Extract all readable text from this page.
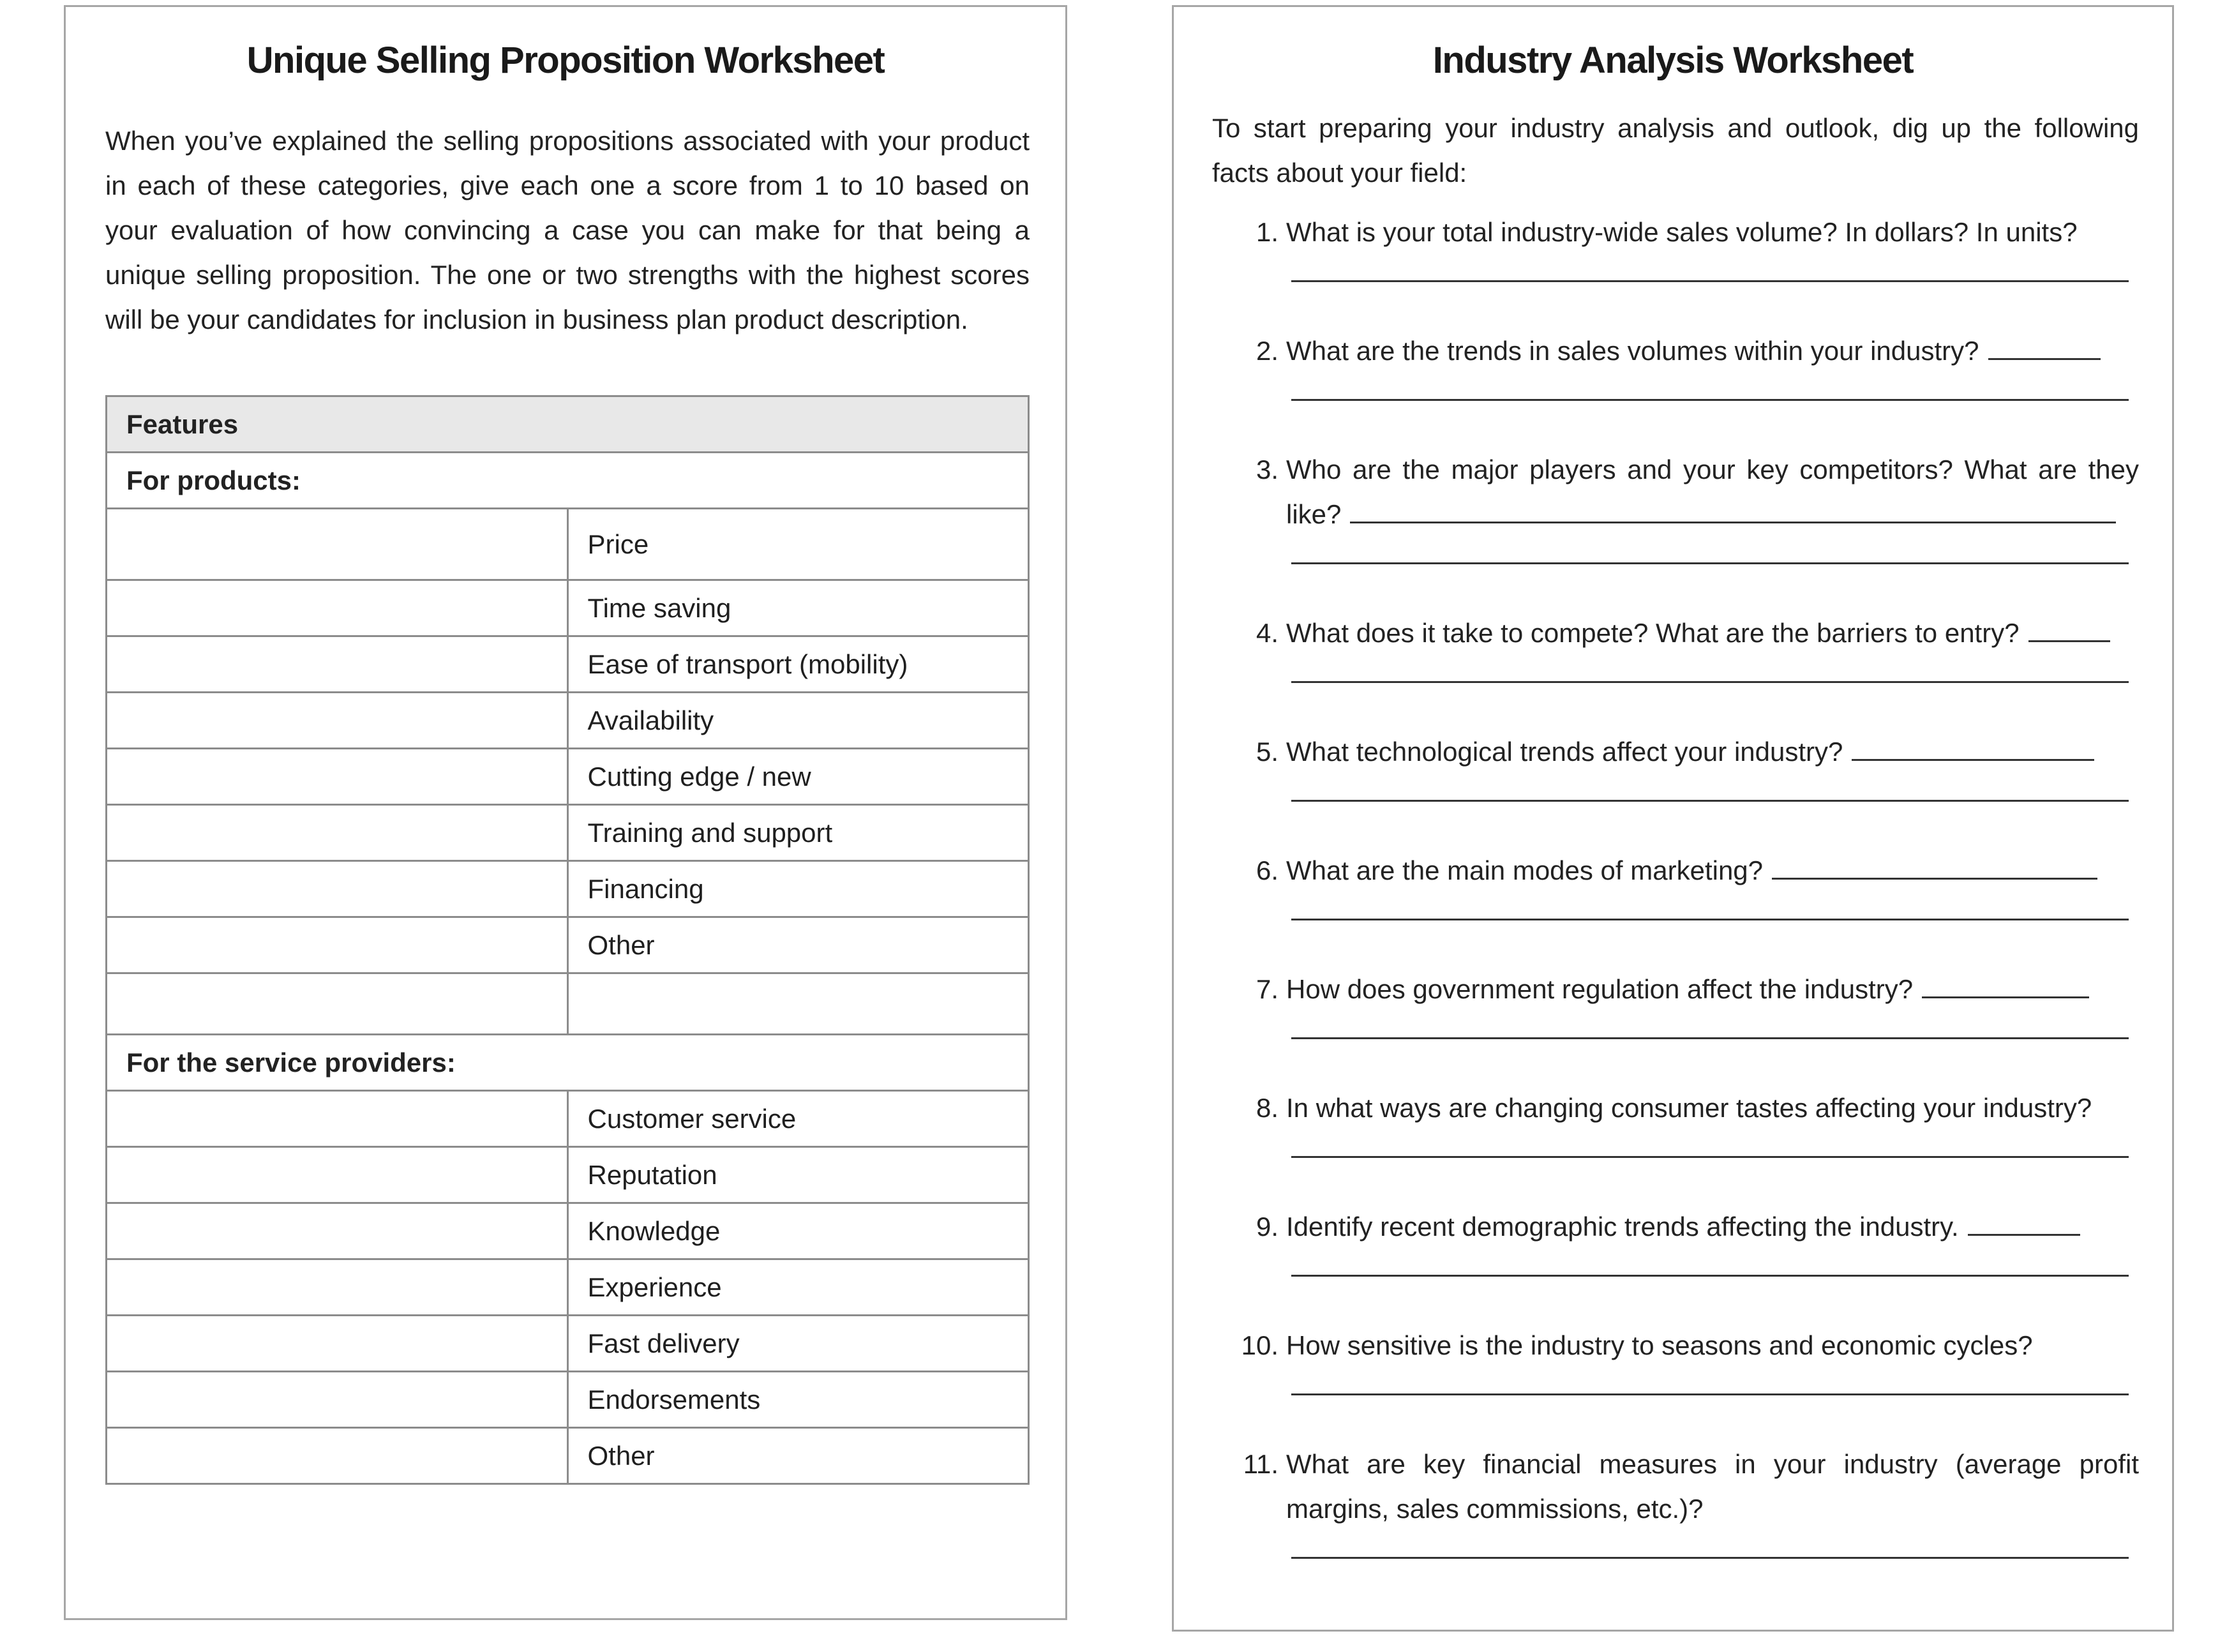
Unique Selling Proposition Worksheet

When you’ve explained the selling propositions associated with your product in each of these categories, give each one a score from 1 to 10 based on your evaluation of how convincing a case you can make for that being a unique selling proposition. The one or two strengths with the highest scores will be your candidates for inclusion in business plan product description.

Features	
For products:	
	Price
	Time saving
	Ease of transport (mobility)
	Availability
	Cutting edge / new
	Training and support
	Financing
	Other

For the service providers:	
	Customer service
	Reputation
	Knowledge
	Experience
	Fast delivery
	Endorsements
	Other
Industry Analysis Worksheet

To start preparing your industry analysis and outlook, dig up the following facts about your field:

1. What is your total industry-wide sales volume? In dollars? In units?
2. What are the trends in sales volumes within your industry?
3. Who are the major players and your key competitors? What are they like?
4. What does it take to compete? What are the barriers to entry?
5. What technological trends affect your industry?
6. What are the main modes of marketing?
7. How does government regulation affect the industry?
8. In what ways are changing consumer tastes affecting your industry?
9. Identify recent demographic trends affecting the industry.
10. How sensitive is the industry to seasons and economic cycles?
11. What are key financial measures in your industry (average profit margins, sales commissions, etc.)?
